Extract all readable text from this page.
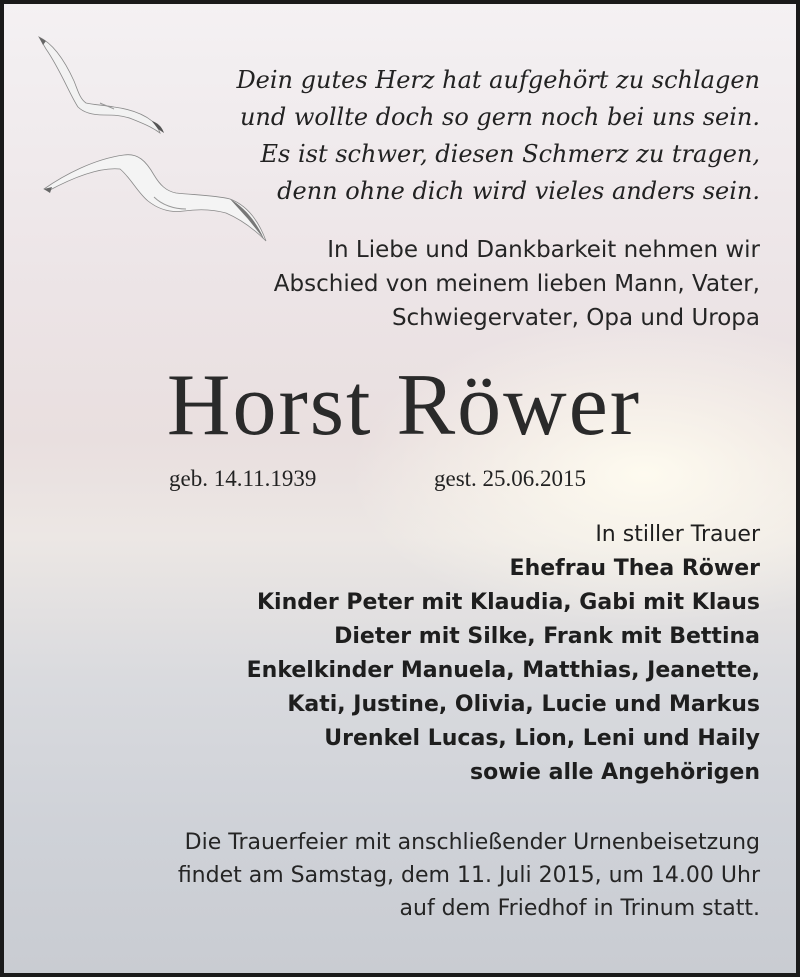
Dein gutes Herz hat aufgehört zu schlagen
und wollte doch so gern noch bei uns sein.
Es ist schwer, diesen Schmerz zu tragen,
denn ohne dich wird vieles anders sein.
In Liebe und Dankbarkeit nehmen wir
Abschied von meinem lieben Mann, Vater,
Schwiegervater, Opa und Uropa
Horst Röwer
geb. 14.11.1939	gest. 25.06.2015
In stiller Trauer
Ehefrau Thea Röwer
Kinder Peter mit Klaudia, Gabi mit Klaus
Dieter mit Silke, Frank mit Bettina
Enkelkinder Manuela, Matthias, Jeanette,
Kati, Justine, Olivia, Lucie und Markus
Urenkel Lucas, Lion, Leni und Haily
sowie alle Angehörigen
Die Trauerfeier mit anschließender Urnenbeisetzung
findet am Samstag, dem 11. Juli 2015, um 14.00 Uhr
auf dem Friedhof in Trinum statt.
